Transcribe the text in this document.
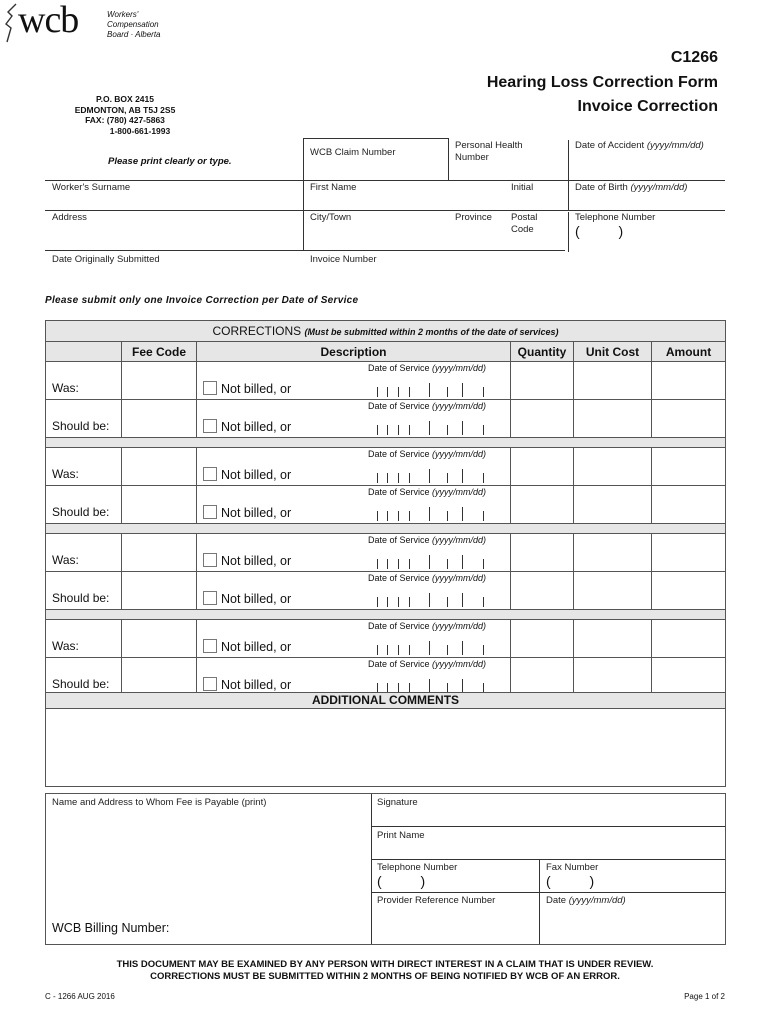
wcb	Workers'
Compensation
Board · Alberta
C1266
Hearing Loss Correction Form
Invoice Correction
P.O. BOX 2415
EDMONTON, AB T5J 2S5
FAX: (780) 427-5863
1-800-661-1993
Please print clearly or type.
WCB Claim Number
Personal Health
Number
Date of Accident (yyyy/mm/dd)
Worker's Surname	First Name	Initial	Date of Birth (yyyy/mm/dd)
Address	City/Town	Province Postal
Code
Telephone Number
(          )
Date Originally Submitted	Invoice Number
Please submit only one Invoice Correction per Date of Service
CORRECTIONS (Must be submitted within 2 months of the date of services)					
	Fee Code	Description	Quantity	Unit Cost	Amount
Was:		Not billed, or
Date of Service (yyyy/mm/dd)			

Should be:		Not billed, or
Date of Service (yyyy/mm/dd)			

Was:		Not billed, or
Date of Service (yyyy/mm/dd)			

Should be:		Not billed, or
Date of Service (yyyy/mm/dd)			

Was:		Not billed, or
Date of Service (yyyy/mm/dd)			

Should be:		Not billed, or
Date of Service (yyyy/mm/dd)			

Was:		Not billed, or
Date of Service (yyyy/mm/dd)			

Should be:		Not billed, or
Date of Service (yyyy/mm/dd)			

ADDITIONAL COMMENTS
Name and Address to Whom Fee is Payable (print)
WCB Billing Number:
Signature
Print Name
Telephone Number
(          )
Fax Number
(          )
Provider Reference Number	Date (yyyy/mm/dd)
THIS DOCUMENT MAY BE EXAMINED BY ANY PERSON WITH DIRECT INTEREST IN A CLAIM THAT IS UNDER REVIEW.
CORRECTIONS MUST BE SUBMITTED WITHIN 2 MONTHS OF BEING NOTIFIED BY WCB OF AN ERROR.
C - 1266 AUG 2016	Page 1 of 2
